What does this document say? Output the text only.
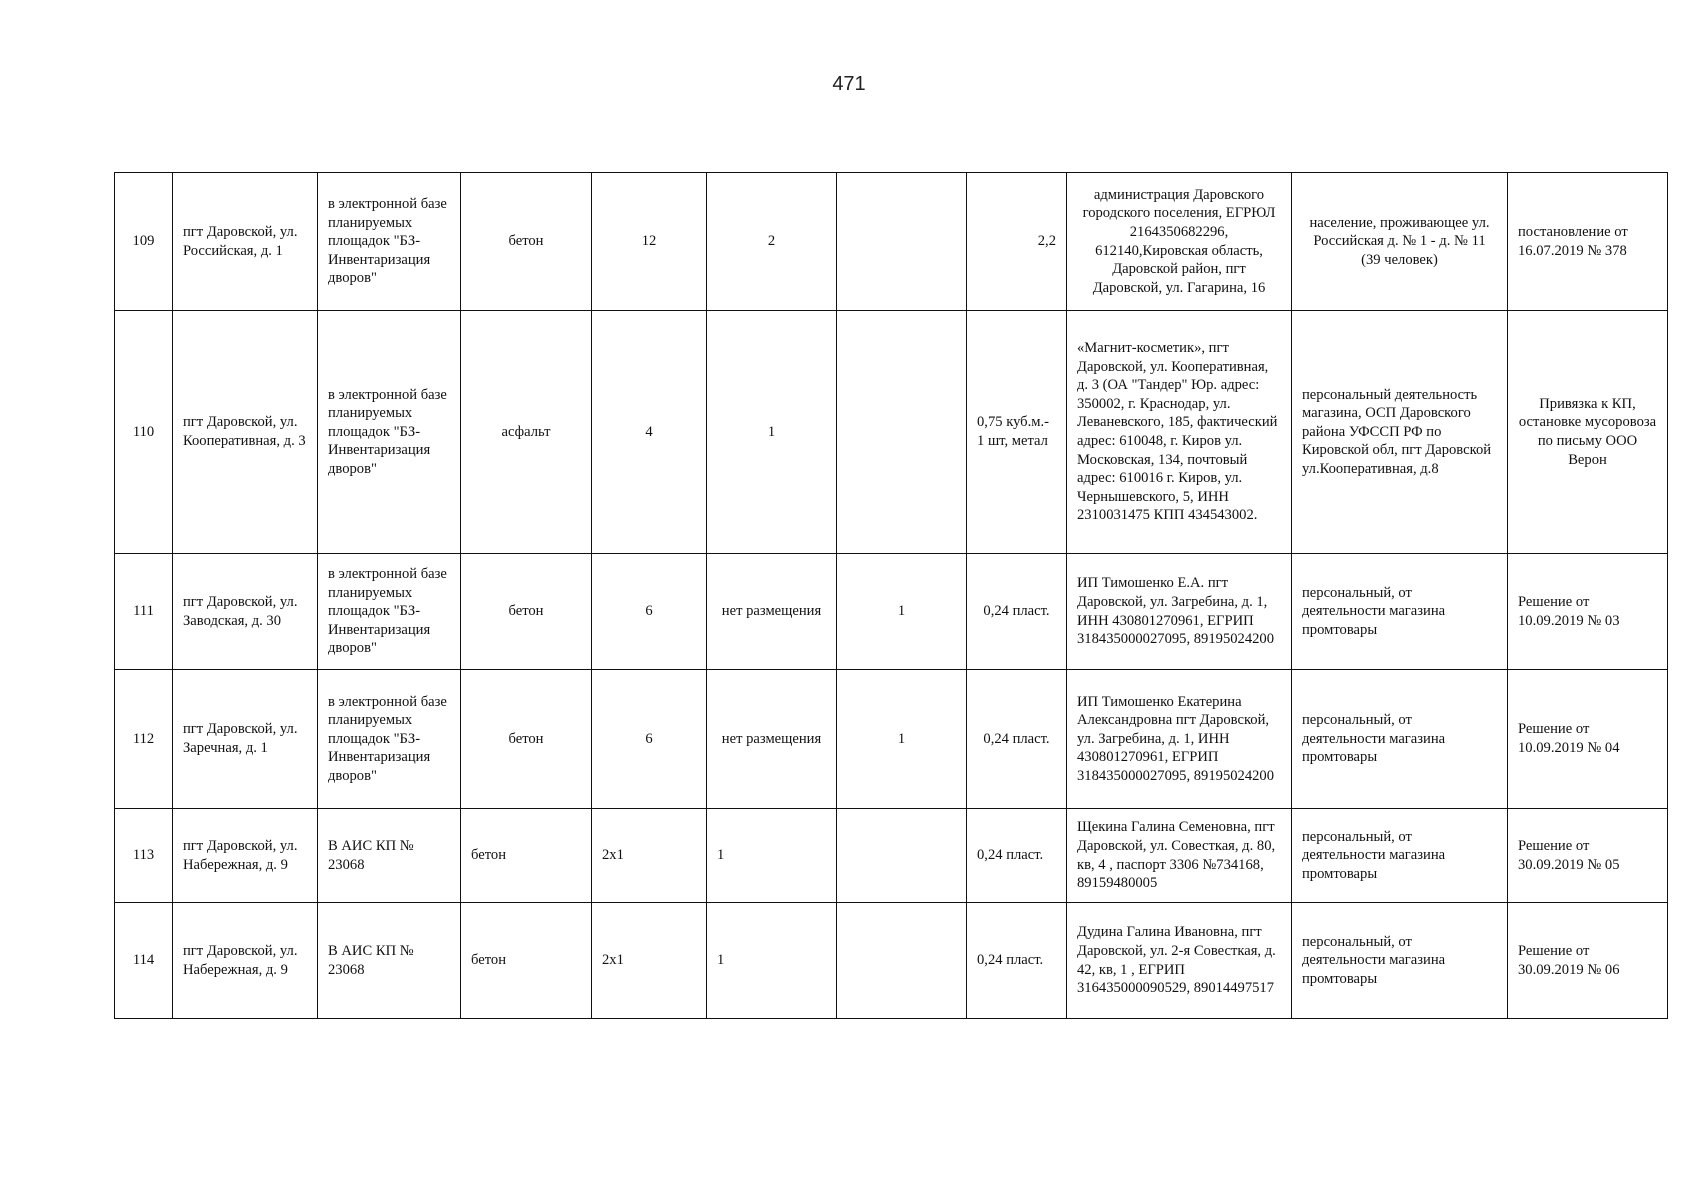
471
109	пгт Даровской, ул. Российская, д. 1	в электронной базе планируемых площадок "БЗ-Инвентаризация дворов"	бетон	12	2		2,2	администрация Даровского городского поселения, ЕГРЮЛ 2164350682296, 612140,Кировская область, Даровской район, пгт Даровской, ул. Гагарина, 16	население, проживающее ул. Российская д. № 1 - д. № 11 (39 человек)	постановление от 16.07.2019 № 378
110	пгт Даровской, ул. Кооперативная, д. 3	в электронной базе планируемых площадок "БЗ-Инвентаризация дворов"	асфальт	4	1		0,75 куб.м.- 1 шт, метал	«Магнит-косметик», пгт Даровской, ул. Кооперативная, д. 3 (ОА "Тандер" Юр. адрес: 350002, г. Краснодар, ул. Леваневского, 185, фактический адрес: 610048, г. Киров ул. Московская, 134, почтовый адрес: 610016 г. Киров, ул. Чернышевского, 5, ИНН 2310031475 КПП 434543002.	персональный деятельность магазина, ОСП Даровского района УФССП РФ по Кировской обл, пгт Даровской ул.Кооперативная, д.8	Привязка к КП, остановке мусоровоза по письму ООО Верон
111	пгт Даровской, ул. Заводская, д. 30	в электронной базе планируемых площадок "БЗ-Инвентаризация дворов"	бетон	6	нет размещения	1	0,24 пласт.	ИП Тимошенко Е.А. пгт Даровской, ул. Загребина, д. 1, ИНН 430801270961, ЕГРИП 318435000027095, 89195024200	персональный, от деятельности магазина промтовары	Решение от 10.09.2019 № 03
112	пгт Даровской, ул. Заречная, д. 1	в электронной базе планируемых площадок "БЗ-Инвентаризация дворов"	бетон	6	нет размещения	1	0,24 пласт.	ИП Тимошенко Екатерина Александровна пгт Даровской, ул. Загребина, д. 1, ИНН 430801270961, ЕГРИП 318435000027095, 89195024200	персональный, от деятельности магазина промтовары	Решение от 10.09.2019 № 04
113	пгт Даровской, ул. Набережная, д. 9	В АИС КП № 23068	бетон	2х1	1		0,24 пласт.	Щекина Галина Семеновна, пгт Даровской, ул. Совесткая, д. 80, кв, 4 , паспорт 3306 №734168, 89159480005	персональный, от деятельности магазина промтовары	Решение от 30.09.2019 № 05
114	пгт Даровской, ул. Набережная, д. 9	В АИС КП № 23068	бетон	2х1	1		0,24 пласт.	Дудина Галина Ивановна, пгт Даровской, ул. 2-я Совесткая, д. 42, кв, 1 , ЕГРИП 316435000090529, 89014497517	персональный, от деятельности магазина промтовары	Решение от 30.09.2019 № 06
